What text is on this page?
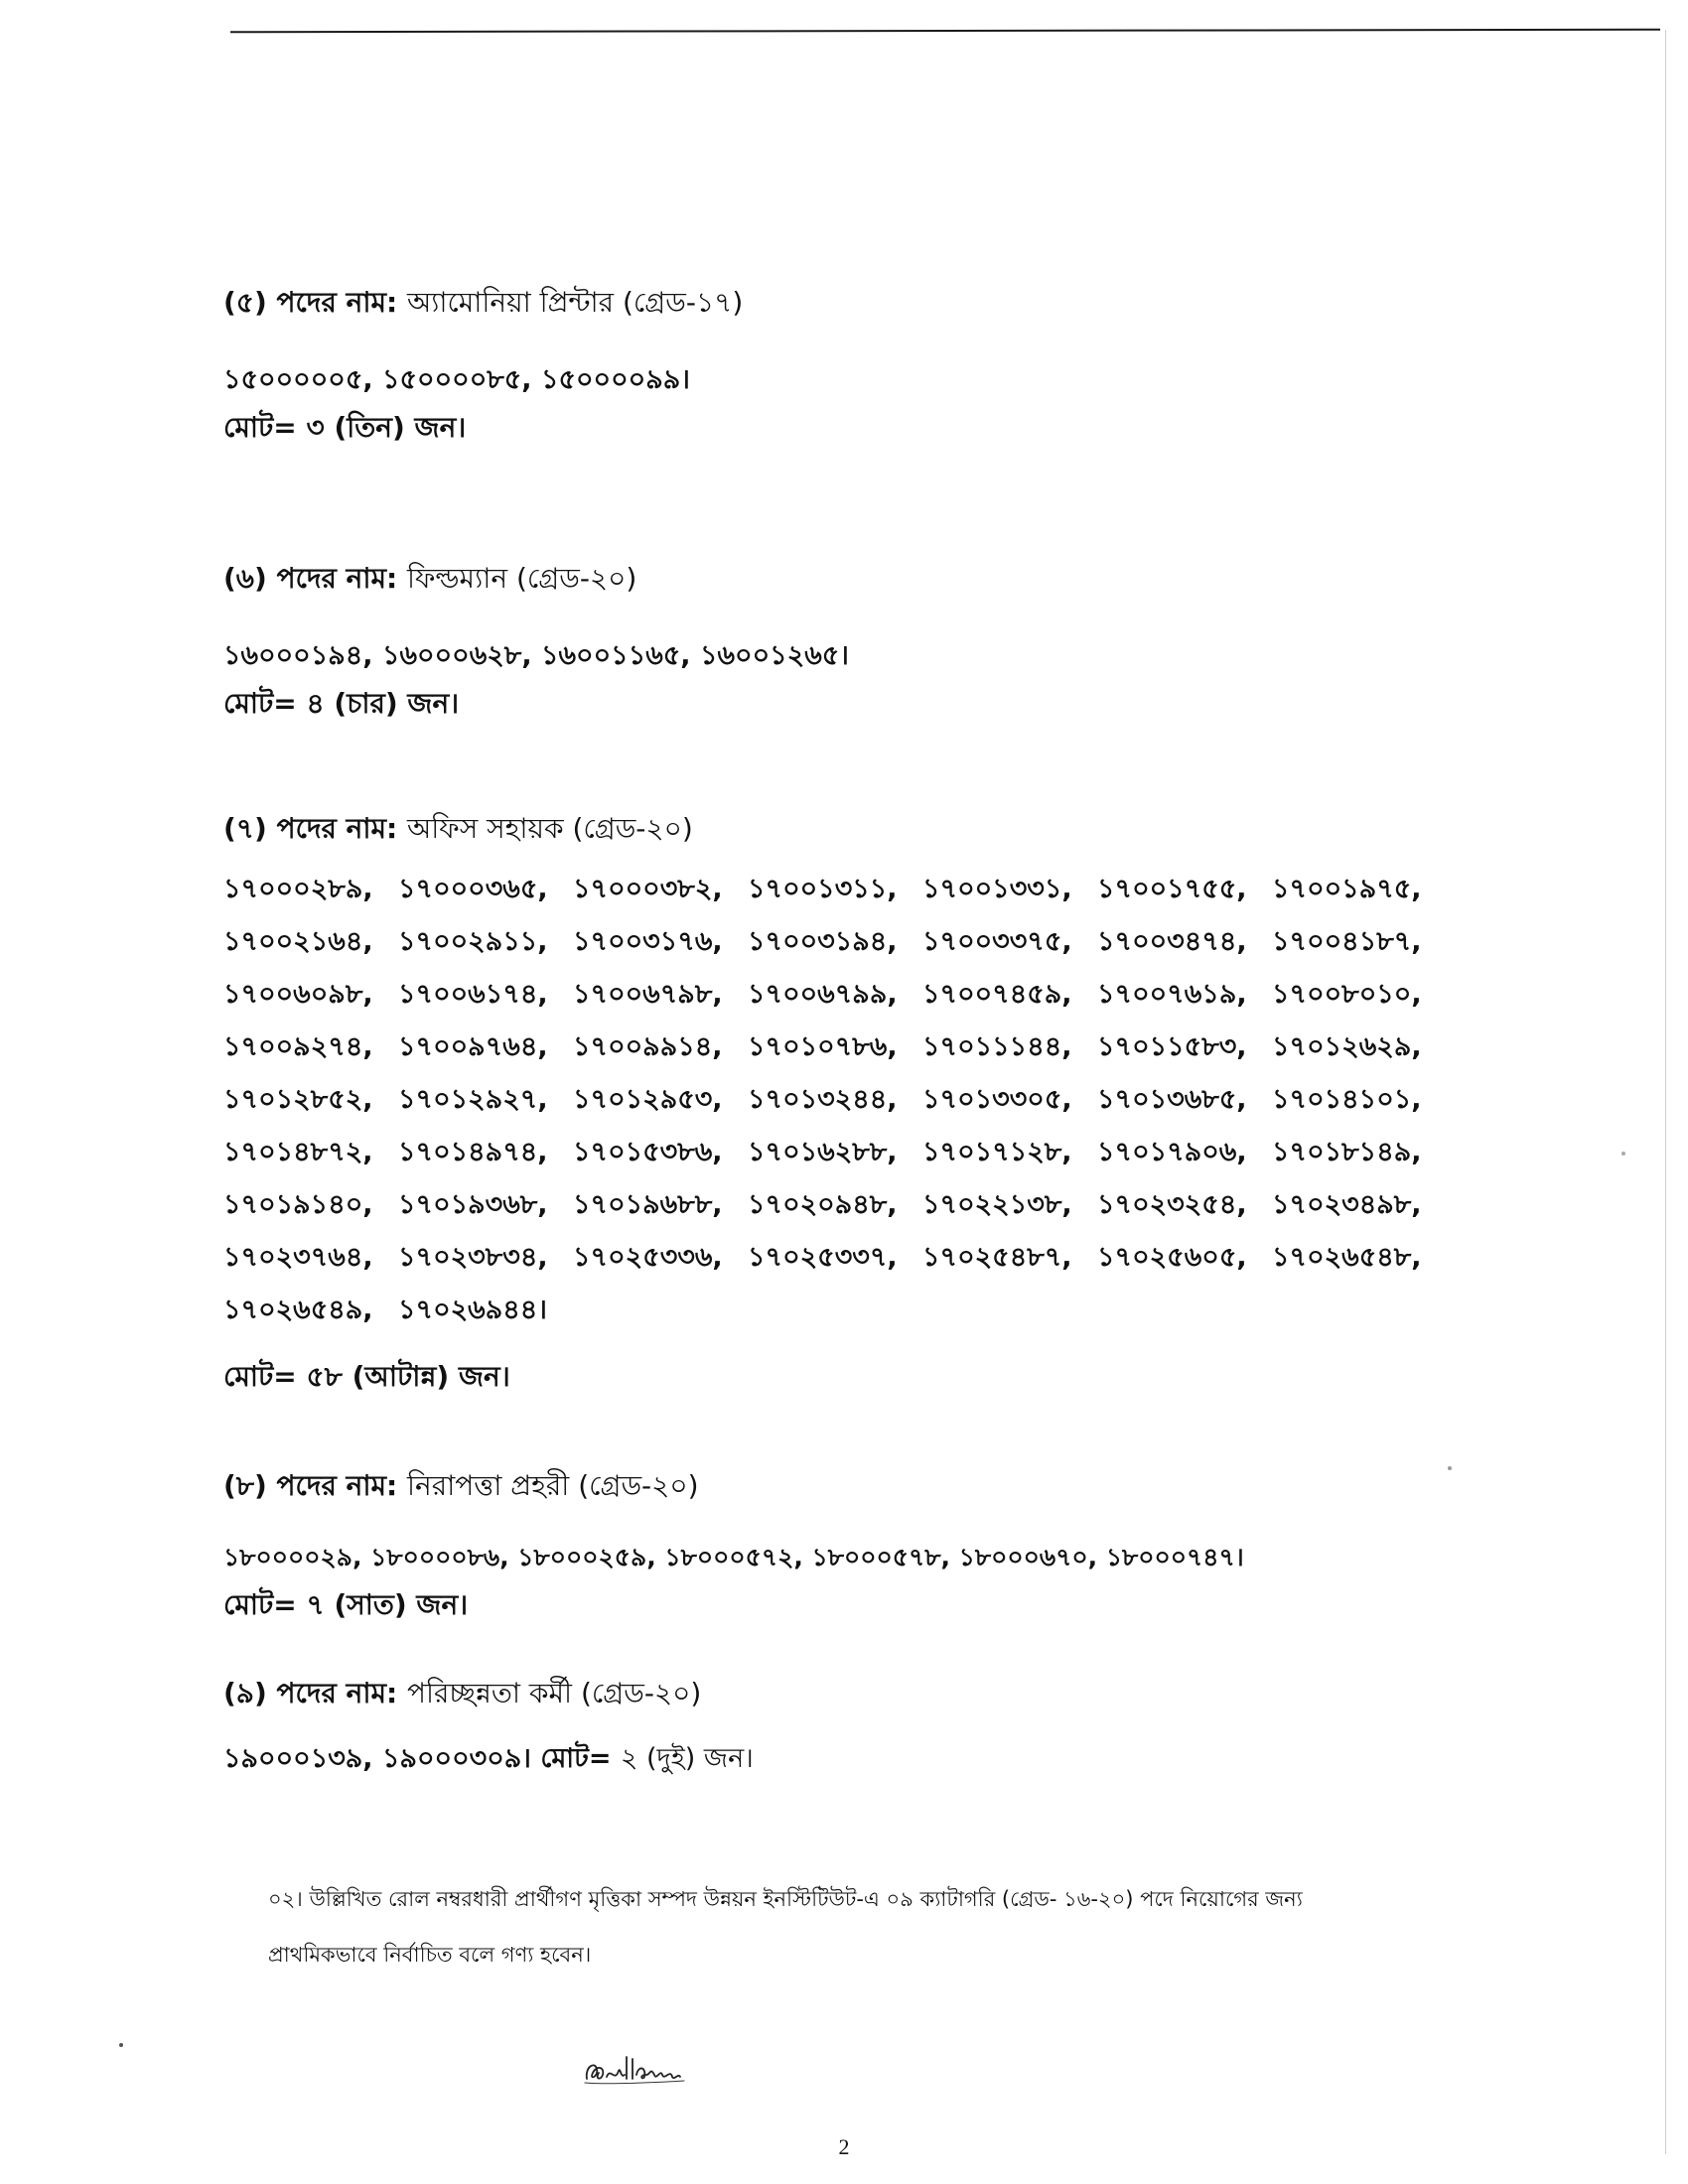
(৫) পদের নাম: অ্যামোনিয়া প্রিন্টার (গ্রেড-১৭)
১৫০০০০০৫, ১৫০০০০৮৫, ১৫০০০০৯৯।
মোট= ৩ (তিন) জন।
(৬) পদের নাম: ফিল্ডম্যান (গ্রেড-২০)
১৬০০০১৯৪, ১৬০০০৬২৮, ১৬০০১১৬৫, ১৬০০১২৬৫।
মোট= ৪ (চার) জন।
(৭) পদের নাম: অফিস সহায়ক (গ্রেড-২০)
১৭০০০২৮৯, ১৭০০০৩৬৫, ১৭০০০৩৮২, ১৭০০১৩১১, ১৭০০১৩৩১, ১৭০০১৭৫৫, ১৭০০১৯৭৫,
১৭০০২১৬৪, ১৭০০২৯১১, ১৭০০৩১৭৬, ১৭০০৩১৯৪, ১৭০০৩৩৭৫, ১৭০০৩৪৭৪, ১৭০০৪১৮৭,
১৭০০৬০৯৮, ১৭০০৬১৭৪, ১৭০০৬৭৯৮, ১৭০০৬৭৯৯, ১৭০০৭৪৫৯, ১৭০০৭৬১৯, ১৭০০৮০১০,
১৭০০৯২৭৪, ১৭০০৯৭৬৪, ১৭০০৯৯১৪, ১৭০১০৭৮৬, ১৭০১১১৪৪, ১৭০১১৫৮৩, ১৭০১২৬২৯,
১৭০১২৮৫২, ১৭০১২৯২৭, ১৭০১২৯৫৩, ১৭০১৩২৪৪, ১৭০১৩৩০৫, ১৭০১৩৬৮৫, ১৭০১৪১০১,
১৭০১৪৮৭২, ১৭০১৪৯৭৪, ১৭০১৫৩৮৬, ১৭০১৬২৮৮, ১৭০১৭১২৮, ১৭০১৭৯০৬, ১৭০১৮১৪৯,
১৭০১৯১৪০, ১৭০১৯৩৬৮, ১৭০১৯৬৮৮, ১৭০২০৯৪৮, ১৭০২২১৩৮, ১৭০২৩২৫৪, ১৭০২৩৪৯৮,
১৭০২৩৭৬৪, ১৭০২৩৮৩৪, ১৭০২৫৩৩৬, ১৭০২৫৩৩৭, ১৭০২৫৪৮৭, ১৭০২৫৬০৫, ১৭০২৬৫৪৮,
১৭০২৬৫৪৯, ১৭০২৬৯৪৪।
মোট= ৫৮ (আটান্ন) জন।
(৮) পদের নাম: নিরাপত্তা প্রহরী (গ্রেড-২০)
১৮০০০০২৯, ১৮০০০০৮৬, ১৮০০০২৫৯, ১৮০০০৫৭২, ১৮০০০৫৭৮, ১৮০০০৬৭০, ১৮০০০৭৪৭।
মোট= ৭ (সাত) জন।
(৯) পদের নাম: পরিচ্ছন্নতা কর্মী (গ্রেড-২০)
১৯০০০১৩৯, ১৯০০০৩০৯। মোট= ২ (দুই) জন।
০২। উল্লিখিত রোল নম্বরধারী প্রার্থীগণ মৃত্তিকা সম্পদ উন্নয়ন ইনস্টিটিউট-এ ০৯ ক্যাটাগরি (গ্রেড- ১৬-২০) পদে নিয়োগের জন্য
প্রাথমিকভাবে নির্বাচিত বলে গণ্য হবেন।
2
